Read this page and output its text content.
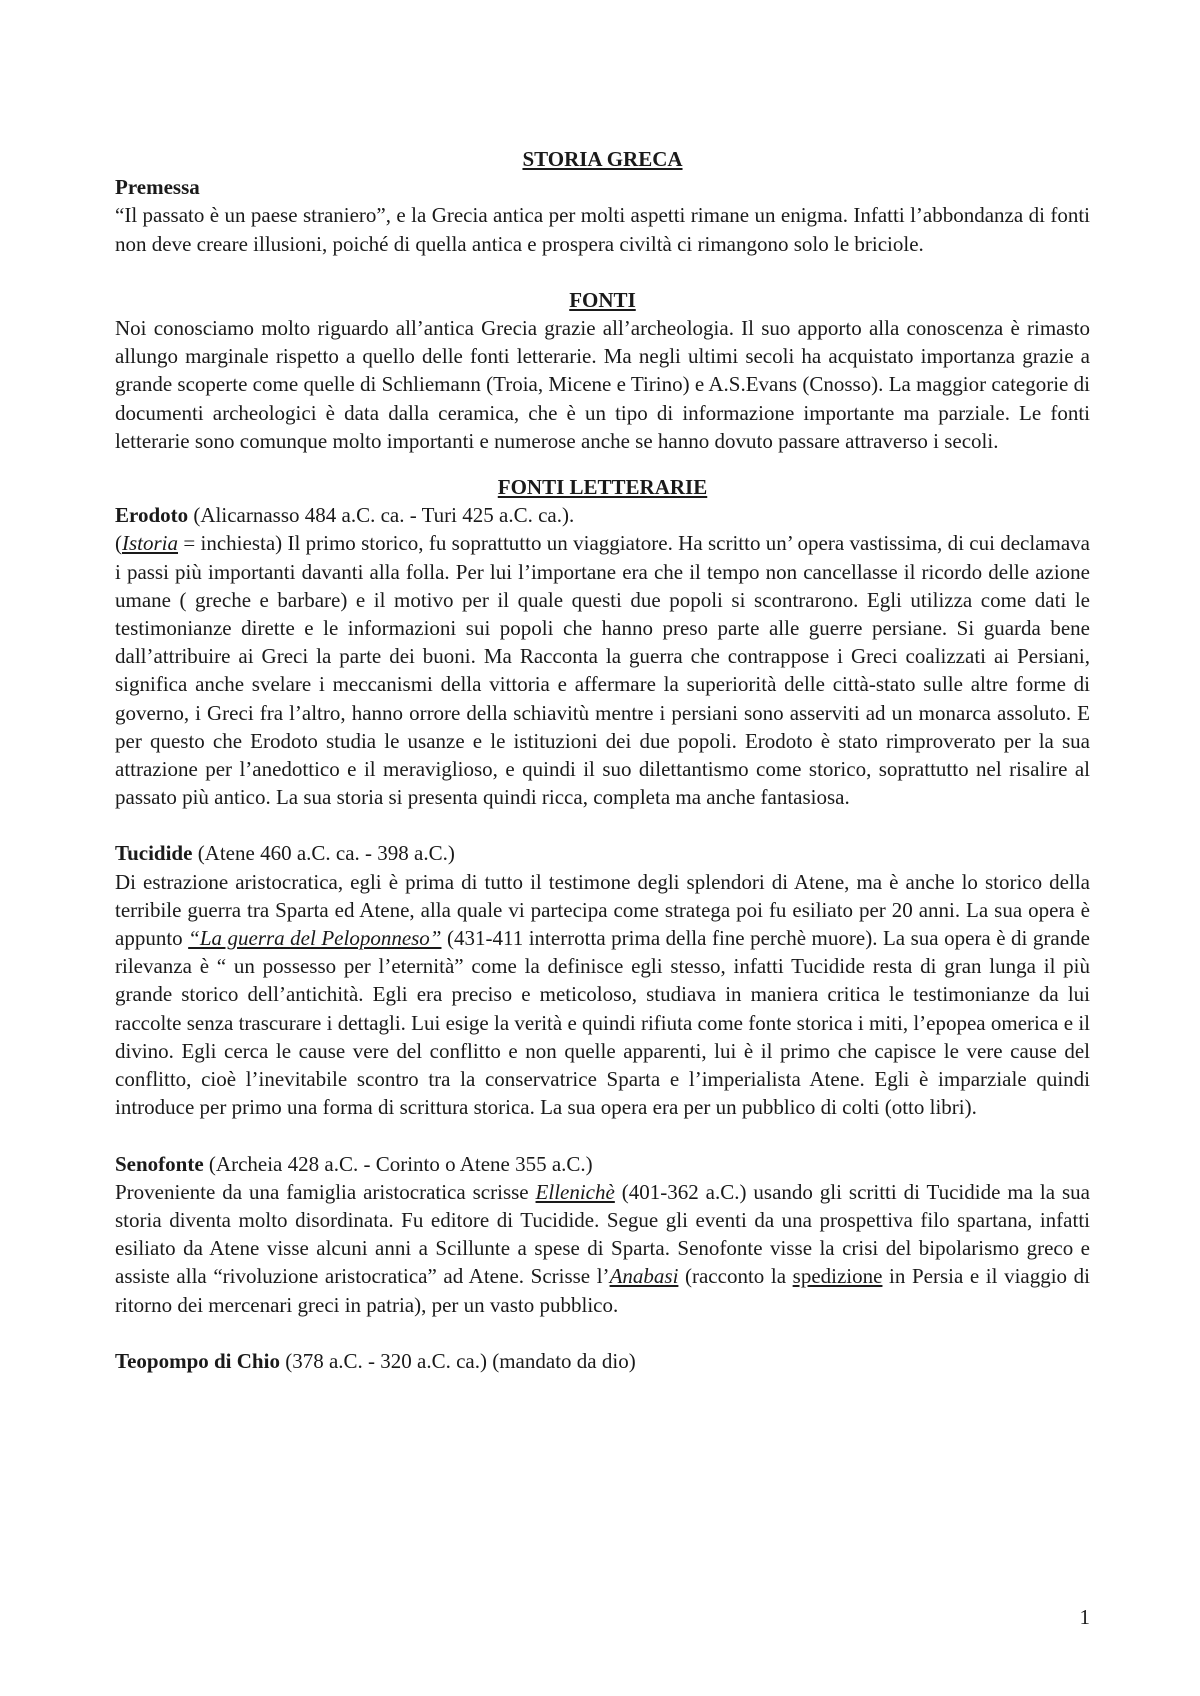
STORIA GRECA

Premessa

“Il passato è un paese straniero”, e la Grecia antica per molti aspetti rimane un enigma. Infatti l’abbondanza di fonti non deve creare illusioni, poiché di quella antica e prospera civiltà ci rimangono solo le briciole.

FONTI

Noi conosciamo molto riguardo all’antica Grecia grazie all’archeologia. Il suo apporto alla conoscenza è rimasto allungo marginale rispetto a quello delle fonti letterarie. Ma negli ultimi secoli ha acquistato importanza grazie a grande scoperte come quelle di Schliemann (Troia, Micene e Tirino) e A.S.Evans (Cnosso). La maggior categorie di documenti archeologici è data dalla ceramica, che è un tipo di informazione importante ma parziale. Le fonti letterarie sono comunque molto importanti e numerose anche se hanno dovuto passare attraverso i secoli.

FONTI LETTERARIE

Erodoto (Alicarnasso 484 a.C. ca. - Turi 425 a.C. ca.).

(Istoria = inchiesta) Il primo storico, fu soprattutto un viaggiatore. Ha scritto un’ opera vastissima, di cui declamava i passi più importanti davanti alla folla. Per lui l’importane era che il tempo non cancellasse il ricordo delle azione umane ( greche e barbare) e il motivo per il quale questi due popoli si scontrarono. Egli utilizza come dati le testimonianze dirette e le informazioni sui popoli che hanno preso parte alle guerre persiane. Si guarda bene dall’attribuire ai Greci la parte dei buoni. Ma Racconta la guerra che contrappose i Greci coalizzati ai Persiani, significa anche svelare i meccanismi della vittoria e affermare la superiorità delle città-stato sulle altre forme di governo, i Greci fra l’altro, hanno orrore della schiavitù mentre i persiani sono asserviti ad un monarca assoluto. E per questo che Erodoto studia le usanze e le istituzioni dei due popoli. Erodoto è stato rimproverato per la sua attrazione per l’anedottico e il meraviglioso, e quindi il suo dilettantismo come storico, soprattutto nel risalire al passato più antico. La sua storia si presenta quindi ricca, completa ma anche fantasiosa.

Tucidide (Atene 460 a.C. ca. - 398 a.C.)

Di estrazione aristocratica, egli è prima di tutto il testimone degli splendori di Atene, ma è anche lo storico della terribile guerra tra Sparta ed Atene, alla quale vi partecipa come stratega poi fu esiliato per 20 anni. La sua opera è appunto “La guerra del Peloponneso” (431-411 interrotta prima della fine perchè muore). La sua opera è di grande rilevanza è “ un possesso per l’eternità” come la definisce egli stesso, infatti Tucidide resta di gran lunga il più grande storico dell’antichità. Egli era preciso e meticoloso, studiava in maniera critica le testimonianze da lui raccolte senza trascurare i dettagli. Lui esige la verità e quindi rifiuta come fonte storica i miti, l’epopea omerica e il divino. Egli cerca le cause vere del conflitto e non quelle apparenti, lui è il primo che capisce le vere cause del conflitto, cioè l’inevitabile scontro tra la conservatrice Sparta e l’imperialista Atene. Egli è imparziale quindi introduce per primo una forma di scrittura storica. La sua opera era per un pubblico di colti (otto libri).

Senofonte (Archeia 428 a.C. - Corinto o Atene 355 a.C.)

Proveniente da una famiglia aristocratica scrisse Ellenichè (401-362 a.C.) usando gli scritti di Tucidide ma la sua storia diventa molto disordinata. Fu editore di Tucidide. Segue gli eventi da una prospettiva filo spartana, infatti esiliato da Atene visse alcuni anni a Scillunte a spese di Sparta. Senofonte visse la crisi del bipolarismo greco e assiste alla “rivoluzione aristocratica” ad Atene. Scrisse l’Anabasi (racconto la spedizione in Persia e il viaggio di ritorno dei mercenari greci in patria), per un vasto pubblico.

Teopompo di Chio (378 a.C. - 320 a.C. ca.) (mandato da dio)

1
